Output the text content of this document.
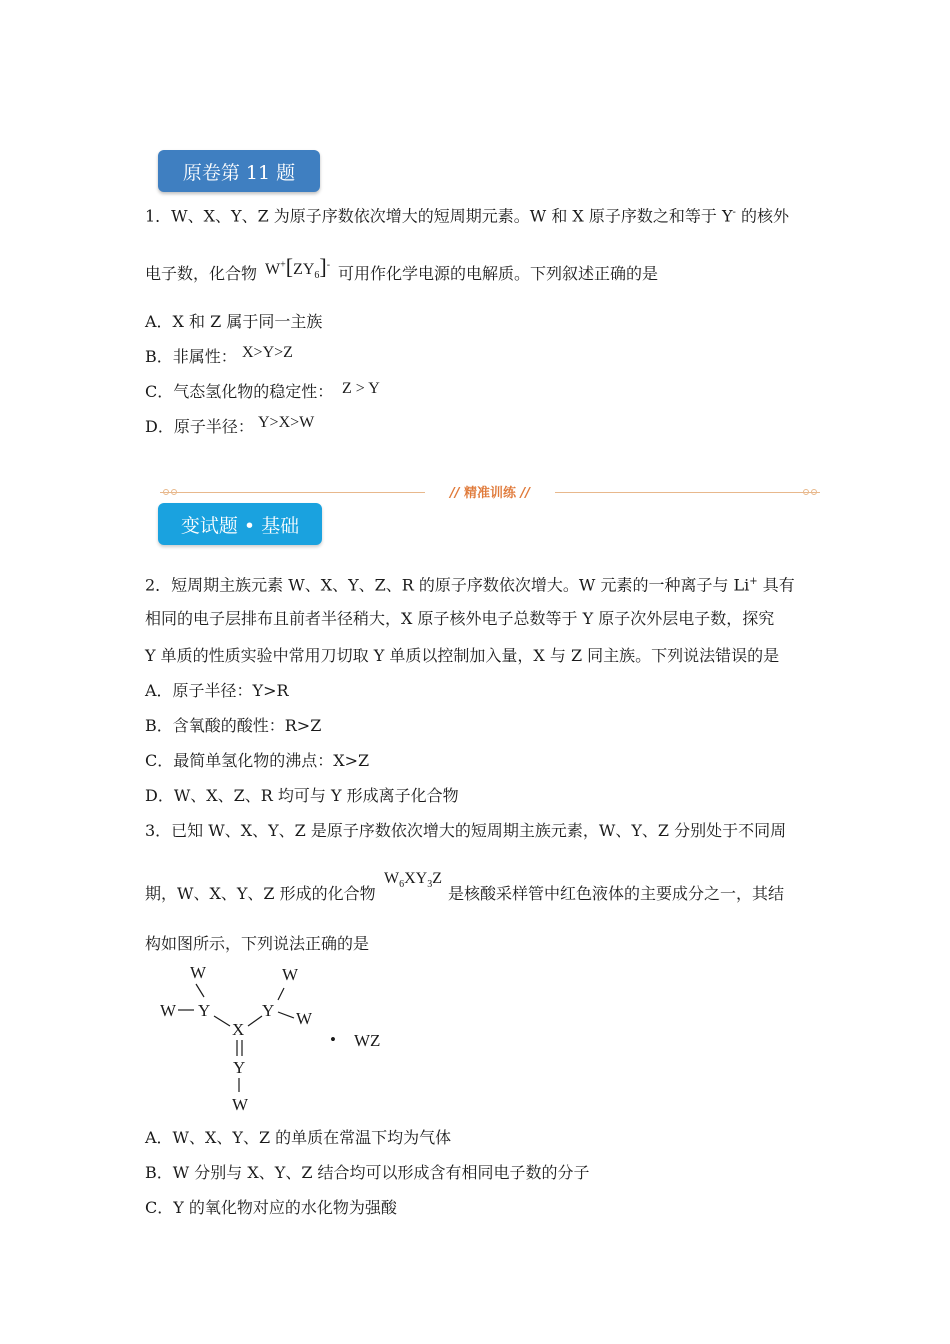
原卷第 11 题
1．W、X、Y、Z 为原子序数依次增大的短周期元素。W 和 X 原子序数之和等于 Y- 的核外
电子数，化合物 $W^+[ZY_6]^-$ 可用作化学电源的电解质。下列叙述正确的是
A．X 和 Z 属于同一主族
B．非属性： X>Y>Z
C．气态氢化物的稳定性： Z > Y
D．原子半径： Y>X>W
// 精准训练 //
变试题 • 基础
2．短周期主族元素 W、X、Y、Z、R 的原子序数依次增大。W 元素的一种离子与 Li+ 具有
相同的电子层排布且前者半径稍大，X 原子核外电子总数等于 Y 原子次外层电子数，探究
Y 单质的性质实验中常用刀切取 Y 单质以控制加入量，X 与 Z 同主族。下列说法错误的是
A．原子半径：Y>R
B．含氧酸的酸性：R>Z
C．最简单氢化物的沸点：X>Z
D．W、X、Z、R 均可与 Y 形成离子化合物
3．已知 W、X、Y、Z 是原子序数依次增大的短周期主族元素，W、Y、Z 分别处于不同周
期，W、X、Y、Z 形成的化合物
$W_6XY_3Z$
是核酸采样管中红色液体的主要成分之一，其结
构如图所示，下列说法正确的是
W
W Y
X
Y
W
W
Y
W
• WZ
A．W、X、Y、Z 的单质在常温下均为气体
B．W 分别与 X、Y、Z 结合均可以形成含有相同电子数的分子
C．Y 的氧化物对应的水化物为强酸
